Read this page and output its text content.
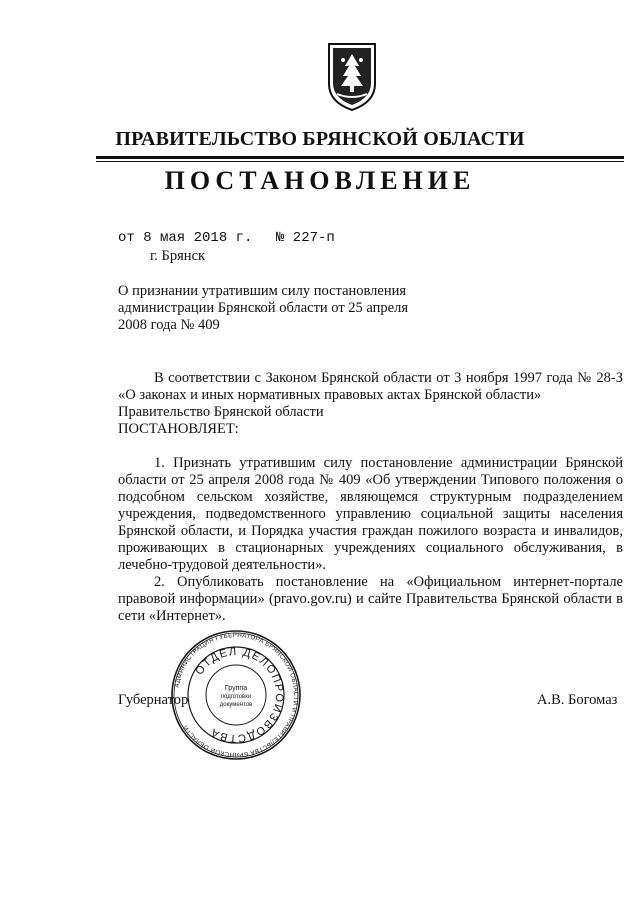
ПРАВИТЕЛЬСТВО БРЯНСКОЙ ОБЛАСТИ
ПОСТАНОВЛЕНИЕ
от 8 мая 2018 г. № 227-п
г. Брянск
О признании утратившим силу постановления администрации Брянской области от 25 апреля 2008 года № 409
В соответствии с Законом Брянской области от 3 ноября 1997 года № 28-З «О законах и иных нормативных правовых актах Брянской области»
Правительство Брянской области
ПОСТАНОВЛЯЕТ:
1. Признать утратившим силу постановление администрации Брянской области от 25 апреля 2008 года № 409 «Об утверждении Типового положения о подсобном сельском хозяйстве, являющемся структурным подразделением учреждения, подведомственного управлению социальной защиты населения Брянской области, и Порядка участия граждан пожилого возраста и инвалидов, проживающих в стационарных учреждениях социального обслуживания, в лечебно-трудовой деятельности».
2. Опубликовать постановление на «Официальном интернет-портале правовой информации» (pravo.gov.ru) и сайте Правительства Брянской области в сети «Интернет».
Губернатор	А.В. Богомаз
АДМИНИСТРАЦИЯ ГУБЕРНАТОРА БРЯНСКОЙ ОБЛАСТИ И ПРАВИТЕЛЬСТВА БРЯНСКОЙ ОБЛАСТИ
ОТДЕЛ ДЕЛОПРОИЗВОДСТВА
Группа
подготовки
документов
